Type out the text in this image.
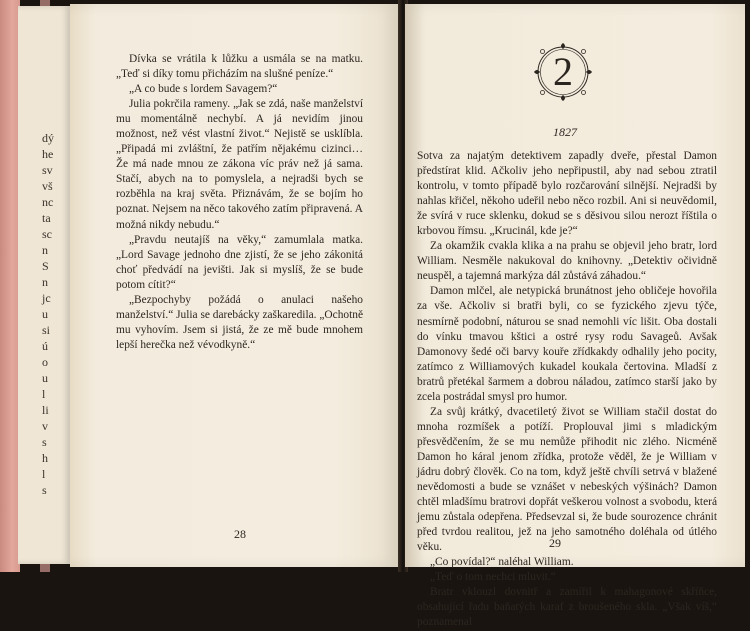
dý
he
sv
vš
nc
ta
sc
n
S
n
jc
u
si
ú
o
u
l
li
v
s
h
l
s

Dívka se vrátila k lůžku a usmála se na matku. „Teď si díky tomu přicházím na slušné peníze.“

„A co bude s lordem Savagem?“

Julia pokrčila rameny. „Jak se zdá, naše manželství mu momentálně nechybí. A já nevidím jinou možnost, než vést vlastní život.“ Nejistě se usklíbla. „Připadá mi zvláštní, že patřím nějakému cizinci… Že má nade mnou ze zákona víc práv než já sama. Stačí, abych na to pomyslela, a nejradši bych se rozběhla na kraj světa. Přiznávám, že se bojím ho poznat. Nejsem na něco takového zatím připravená. A možná nikdy nebudu.“

„Pravdu neutajíš na věky,“ zamumlala matka. „Lord Savage jednoho dne zjistí, že se jeho zákonitá choť předvádí na jevišti. Jak si myslíš, že se bude potom cítit?“

„Bezpochyby požádá o anulaci našeho manželství.“ Julia se darebácky zaškaredila. „Ochotně mu vyhovím. Jsem si jistá, že ze mě bude mnohem lepší herečka než vévodkyně.“

28
2
1827

Sotva za najatým detektivem zapadly dveře, přestal Damon předstírat klid. Ačkoliv jeho nepřipustil, aby nad sebou ztratil kontrolu, v tomto případě bylo rozčarování silnější. Nejradši by nahlas křičel, někoho udeřil nebo něco rozbil. Ani si neuvědomil, že svírá v ruce sklenku, dokud se s děsivou silou nerozt říštila o krbovou římsu. „Krucinál, kde je?“

Za okamžik cvakla klika a na prahu se objevil jeho bratr, lord William. Nesměle nakukoval do knihovny. „Detektiv očividně neuspěl, a tajemná markýza dál zůstává záhadou.“

Damon mlčel, ale netypická brunátnost jeho obličeje hovořila za vše. Ačkoliv si bratři byli, co se fyzického zjevu týče, nesmírně podobní, náturou se snad nemohli víc lišit. Oba dostali do vínku tmavou kštici a ostré rysy rodu Savageů. Avšak Damonovy šedé oči barvy kouře zřídkakdy odhalily jeho pocity, zatímco z Williamových kukadel koukala čertovina. Mladší z bratrů přetékal šarmem a dobrou náladou, zatímco starší jako by zcela postrádal smysl pro humor.

Za svůj krátký, dvacetiletý život se William stačil dostat do mnoha rozmíšek a potíží. Proplouval jimi s mladickým přesvědčením, že se mu nemůže přihodit nic zlého. Nicméně Damon ho káral jenom zřídka, protože věděl, že je William v jádru dobrý člověk. Co na tom, když ještě chvíli setrvá v blažené nevědomosti a bude se vznášet v nebeských výšinách? Damon chtěl mladšímu bratrovi dopřát veškerou volnost a svobodu, která jemu zůstala odepřena. Předsevzal si, že bude sourozence chránit před tvrdou realitou, jež na jeho samotného doléhala od útlého věku.

„Co povídal?“ naléhal William.

„Teď o tom nechci mluvit.“

Bratr vklouzl dovnitř a zamířil k mahagonové skříňce, obsahující řadu baňatých karaf z broušeného skla. „Však víš,“ poznamenal

29
